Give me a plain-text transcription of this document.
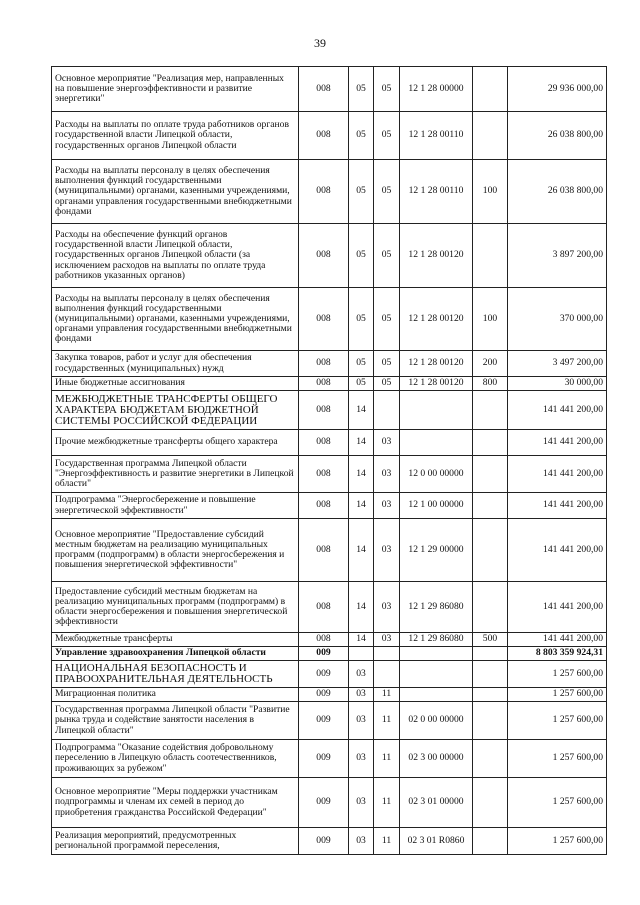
39
Основное мероприятие "Реализация мер, направленных на повышение энергоэффективности и развитие энергетики"	008	05	05	12 1 28 00000		29 936 000,00
Расходы на выплаты по оплате труда работников органов государственной власти Липецкой области, государственных органов Липецкой области	008	05	05	12 1 28 00110		26 038 800,00
Расходы на выплаты персоналу в целях обеспечения выполнения функций государственными (муниципальными) органами, казенными учреждениями, органами управления государственными внебюджетными фондами	008	05	05	12 1 28 00110	100	26 038 800,00
Расходы на обеспечение функций органов государственной власти Липецкой области, государственных органов Липецкой области (за исключением расходов на выплаты по оплате труда работников указанных органов)	008	05	05	12 1 28 00120		3 897 200,00
Расходы на выплаты персоналу в целях обеспечения выполнения функций государственными (муниципальными) органами, казенными учреждениями, органами управления государственными внебюджетными фондами	008	05	05	12 1 28 00120	100	370 000,00
Закупка товаров, работ и услуг для обеспечения государственных (муниципальных) нужд	008	05	05	12 1 28 00120	200	3 497 200,00
Иные бюджетные ассигнования	008	05	05	12 1 28 00120	800	30 000,00
МЕЖБЮДЖЕТНЫЕ ТРАНСФЕРТЫ ОБЩЕГО ХАРАКТЕРА БЮДЖЕТАМ БЮДЖЕТНОЙ СИСТЕМЫ РОССИЙСКОЙ ФЕДЕРАЦИИ	008	14				141 441 200,00
Прочие межбюджетные трансферты общего характера	008	14	03			141 441 200,00
Государственная программа Липецкой области "Энергоэффективность и развитие энергетики в Липецкой области"	008	14	03	12 0 00 00000		141 441 200,00
Подпрограмма "Энергосбережение и повышение энергетической эффективности"	008	14	03	12 1 00 00000		141 441 200,00
Основное мероприятие "Предоставление субсидий местным бюджетам на реализацию муниципальных программ (подпрограмм) в области энергосбережения и повышения энергетической эффективности"	008	14	03	12 1 29 00000		141 441 200,00
Предоставление субсидий местным бюджетам на реализацию муниципальных программ (подпрограмм) в области энергосбережения и повышения энергетической эффективности	008	14	03	12 1 29 86080		141 441 200,00
Межбюджетные трансферты	008	14	03	12 1 29 86080	500	141 441 200,00
Управление здравоохранения Липецкой области	009					8 803 359 924,31
НАЦИОНАЛЬНАЯ БЕЗОПАСНОСТЬ И ПРАВООХРАНИТЕЛЬНАЯ ДЕЯТЕЛЬНОСТЬ	009	03				1 257 600,00
Миграционная политика	009	03	11			1 257 600,00
Государственная программа Липецкой области "Развитие рынка труда и содействие занятости населения в Липецкой области"	009	03	11	02 0 00 00000		1 257 600,00
Подпрограмма "Оказание содействия добровольному переселению в Липецкую область соотечественников, проживающих за рубежом"	009	03	11	02 3 00 00000		1 257 600,00
Основное мероприятие "Меры поддержки участникам подпрограммы и членам их семей в период до приобретения гражданства Российской Федерации"	009	03	11	02 3 01 00000		1 257 600,00
Реализация мероприятий, предусмотренных региональной программой переселения,	009	03	11	02 3 01 R0860		1 257 600,00
